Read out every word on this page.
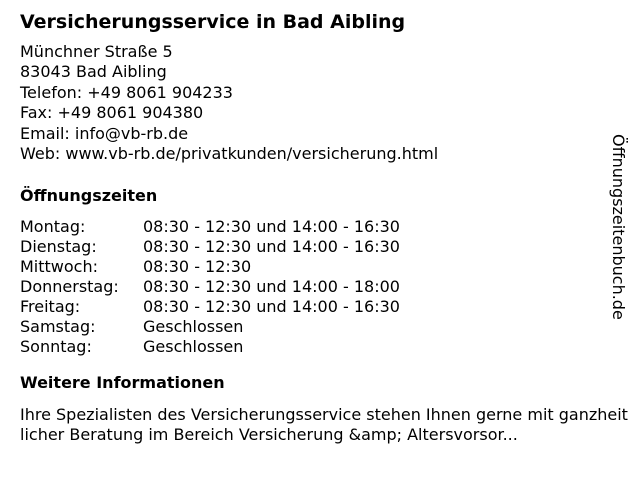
Versicherungsservice in Bad Aibling
Münchner Straße 5
83043 Bad Aibling
Telefon: +49 8061 904233
Fax: +49 8061 904380
Email: info@vb-rb.de
Web: www.vb-rb.de/privatkunden/versicherung.html
Öffnungszeiten
Montag:	08:30 - 12:30 und 14:00 - 16:30
Dienstag:	08:30 - 12:30 und 14:00 - 16:30
Mittwoch:	08:30 - 12:30
Donnerstag:	08:30 - 12:30 und 14:00 - 18:00
Freitag:	08:30 - 12:30 und 14:00 - 16:30
Samstag:	Geschlossen
Sonntag:	Geschlossen
Weitere Informationen
Ihre Spezialisten des Versicherungsservice stehen Ihnen gerne mit ganzheitlicher Beratung im Bereich Versicherung &amp; Altersvorsor...
Öffnungszeitenbuch.de
